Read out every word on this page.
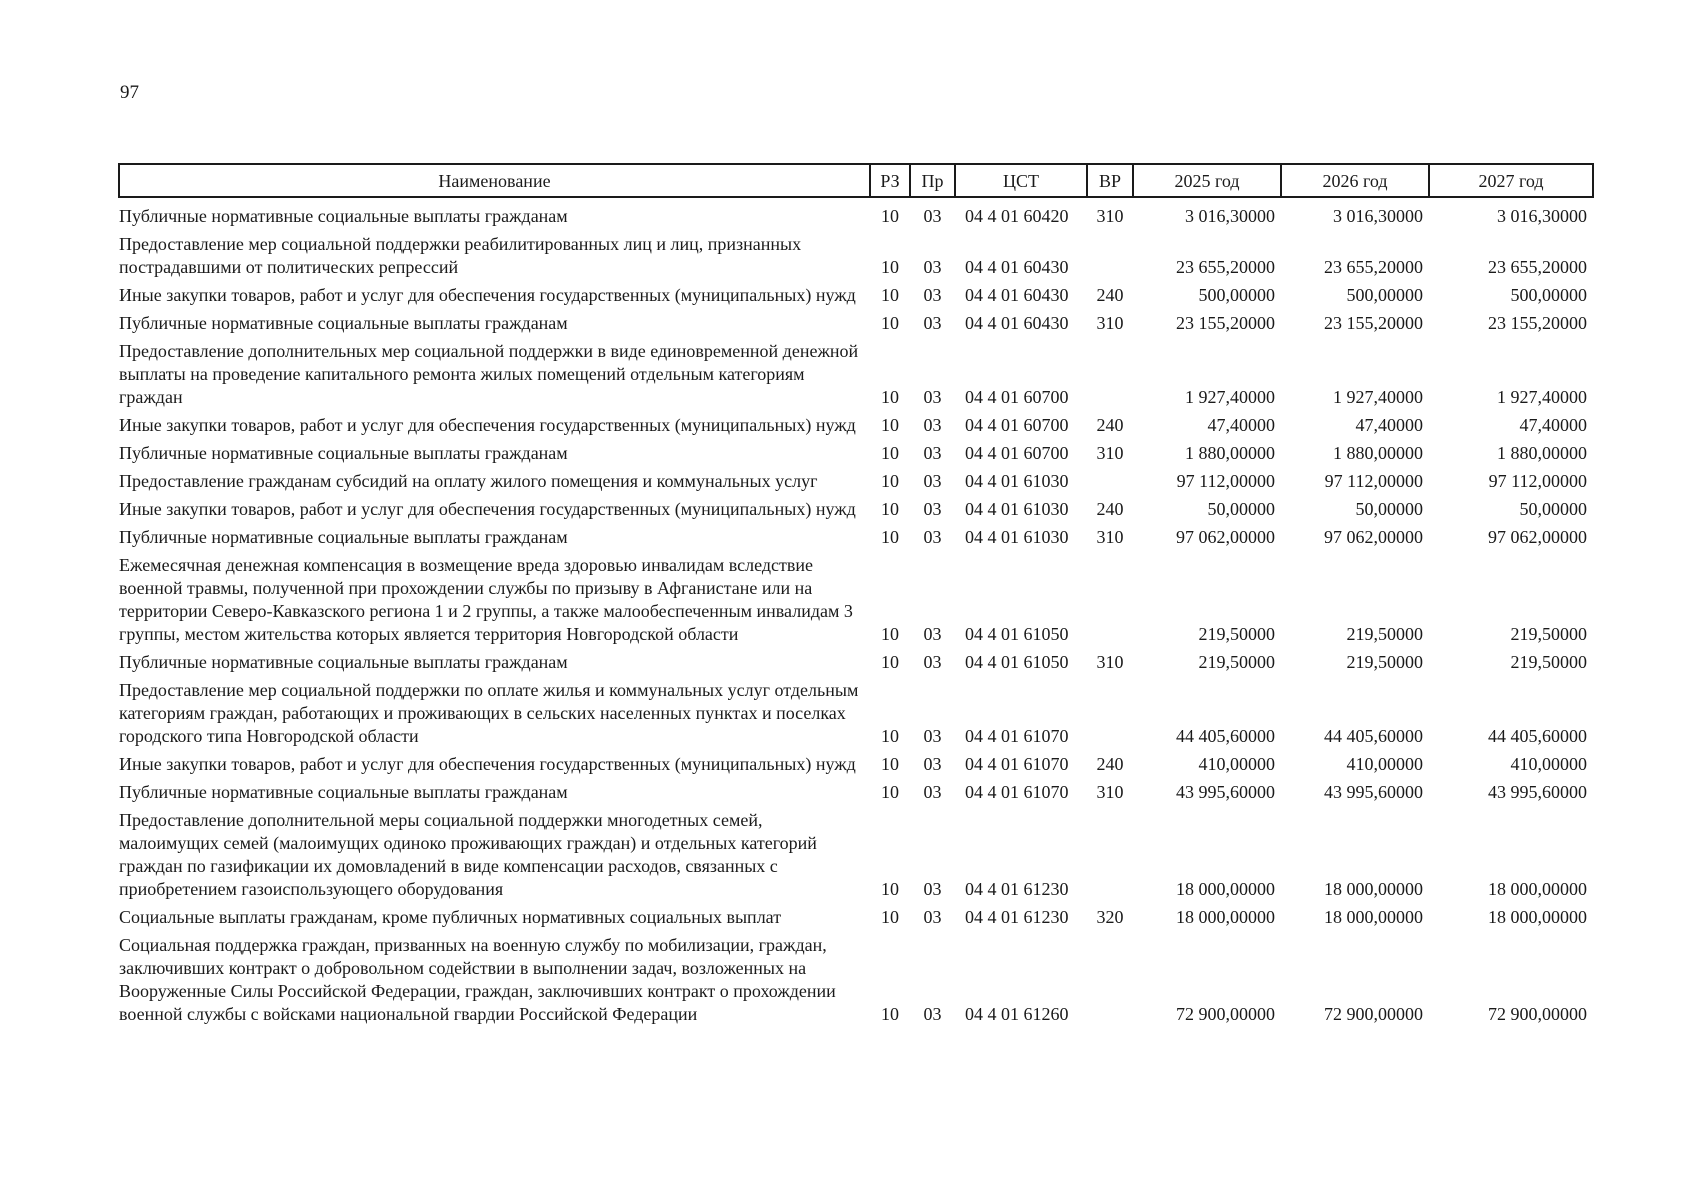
97
Наименование	РЗ	Пр	ЦСТ	ВР	2025 год	2026 год	2027 год
Публичные нормативные социальные выплаты гражданам	10	03	04 4 01 60420	310	3 016,30000	3 016,30000	3 016,30000
Предоставление мер социальной поддержки реабилитированных лиц и лиц, признанных пострадавшими от политических репрессий	10	03	04 4 01 60430		23 655,20000	23 655,20000	23 655,20000
Иные закупки товаров, работ и услуг для обеспечения государственных (муниципальных) нужд	10	03	04 4 01 60430	240	500,00000	500,00000	500,00000
Публичные нормативные социальные выплаты гражданам	10	03	04 4 01 60430	310	23 155,20000	23 155,20000	23 155,20000
Предоставление дополнительных мер социальной поддержки в виде единовременной денежной выплаты на проведение капитального ремонта жилых помещений отдельным категориям граждан	10	03	04 4 01 60700		1 927,40000	1 927,40000	1 927,40000
Иные закупки товаров, работ и услуг для обеспечения государственных (муниципальных) нужд	10	03	04 4 01 60700	240	47,40000	47,40000	47,40000
Публичные нормативные социальные выплаты гражданам	10	03	04 4 01 60700	310	1 880,00000	1 880,00000	1 880,00000
Предоставление гражданам субсидий на оплату жилого помещения и коммунальных услуг	10	03	04 4 01 61030		97 112,00000	97 112,00000	97 112,00000
Иные закупки товаров, работ и услуг для обеспечения государственных (муниципальных) нужд	10	03	04 4 01 61030	240	50,00000	50,00000	50,00000
Публичные нормативные социальные выплаты гражданам	10	03	04 4 01 61030	310	97 062,00000	97 062,00000	97 062,00000
Ежемесячная денежная компенсация в возмещение вреда здоровью инвалидам вследствие военной травмы, полученной при прохождении службы по призыву в Афганистане или на территории Северо-Кавказского региона 1 и 2 группы, а также малообеспеченным инвалидам 3 группы, местом жительства которых является территория Новгородской области	10	03	04 4 01 61050		219,50000	219,50000	219,50000
Публичные нормативные социальные выплаты гражданам	10	03	04 4 01 61050	310	219,50000	219,50000	219,50000
Предоставление мер социальной поддержки по оплате жилья и коммунальных услуг отдельным категориям граждан, работающих и проживающих в сельских населенных пунктах и поселках городского типа Новгородской области	10	03	04 4 01 61070		44 405,60000	44 405,60000	44 405,60000
Иные закупки товаров, работ и услуг для обеспечения государственных (муниципальных) нужд	10	03	04 4 01 61070	240	410,00000	410,00000	410,00000
Публичные нормативные социальные выплаты гражданам	10	03	04 4 01 61070	310	43 995,60000	43 995,60000	43 995,60000
Предоставление дополнительной меры социальной поддержки многодетных семей, малоимущих семей (малоимущих одиноко проживающих граждан) и отдельных категорий граждан по газификации их домовладений в виде компенсации расходов, связанных с приобретением газоиспользующего оборудования	10	03	04 4 01 61230		18 000,00000	18 000,00000	18 000,00000
Социальные выплаты гражданам, кроме публичных нормативных социальных выплат	10	03	04 4 01 61230	320	18 000,00000	18 000,00000	18 000,00000
Социальная поддержка граждан, призванных на военную службу по мобилизации, граждан, заключивших контракт о добровольном содействии в выполнении задач, возложенных на Вооруженные Силы Российской Федерации, граждан, заключивших контракт о прохождении военной службы с войсками национальной гвардии Российской Федерации	10	03	04 4 01 61260		72 900,00000	72 900,00000	72 900,00000
